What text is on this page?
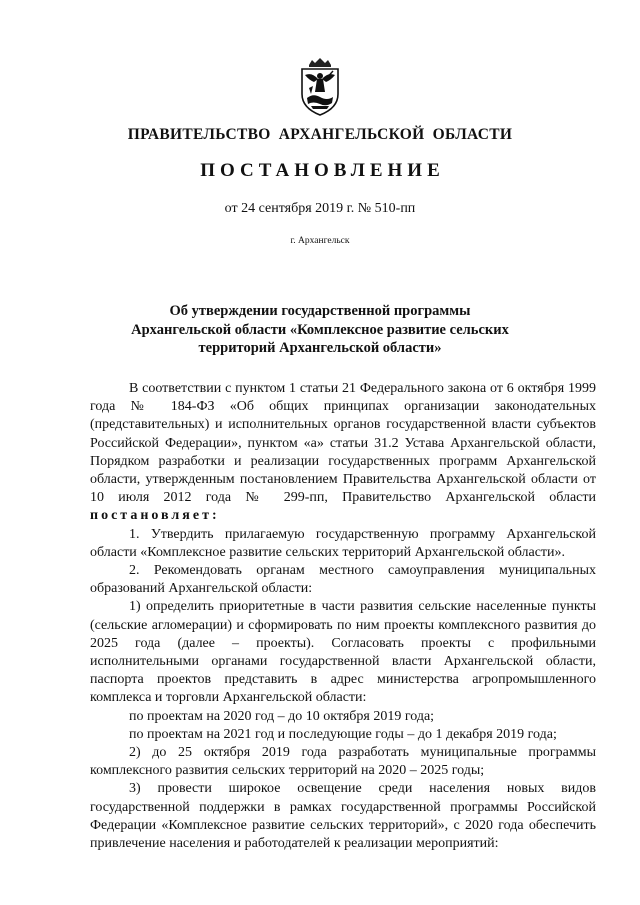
ПРАВИТЕЛЬСТВО АРХАНГЕЛЬСКОЙ ОБЛАСТИ
ПОСТАНОВЛЕНИЕ
от 24 сентября 2019 г. № 510-пп
г. Архангельск
Об утверждении государственной программы
Архангельской области «Комплексное развитие сельских
территорий Архангельской области»

В соответствии с пунктом 1 статьи 21 Федерального закона от 6 октября 1999 года № 184-ФЗ «Об общих принципах организации законодательных (представительных) и исполнительных органов государственной власти субъектов Российской Федерации», пунктом «а» статьи 31.2 Устава Архангельской области, Порядком разработки и реализации государственных программ Архангельской области, утвержденным постановлением Правительства Архангельской области от 10 июля 2012 года № 299-пп, Правительство Архангельской области постановляет:

1. Утвердить прилагаемую государственную программу Архангельской области «Комплексное развитие сельских территорий Архангельской области».

2. Рекомендовать органам местного самоуправления муниципальных образований Архангельской области:

1) определить приоритетные в части развития сельские населенные пункты (сельские агломерации) и сформировать по ним проекты комплексного развития до 2025 года (далее – проекты). Согласовать проекты с профильными исполнительными органами государственной власти Архангельской области, паспорта проектов представить в адрес министерства агропромышленного комплекса и торговли Архангельской области:

по проектам на 2020 год – до 10 октября 2019 года;

по проектам на 2021 год и последующие годы – до 1 декабря 2019 года;

2) до 25 октября 2019 года разработать муниципальные программы комплексного развития сельских территорий на 2020 – 2025 годы;

3) провести широкое освещение среди населения новых видов государственной поддержки в рамках государственной программы Российской Федерации «Комплексное развитие сельских территорий», с 2020 года обеспечить привлечение населения и работодателей к реализации мероприятий:
